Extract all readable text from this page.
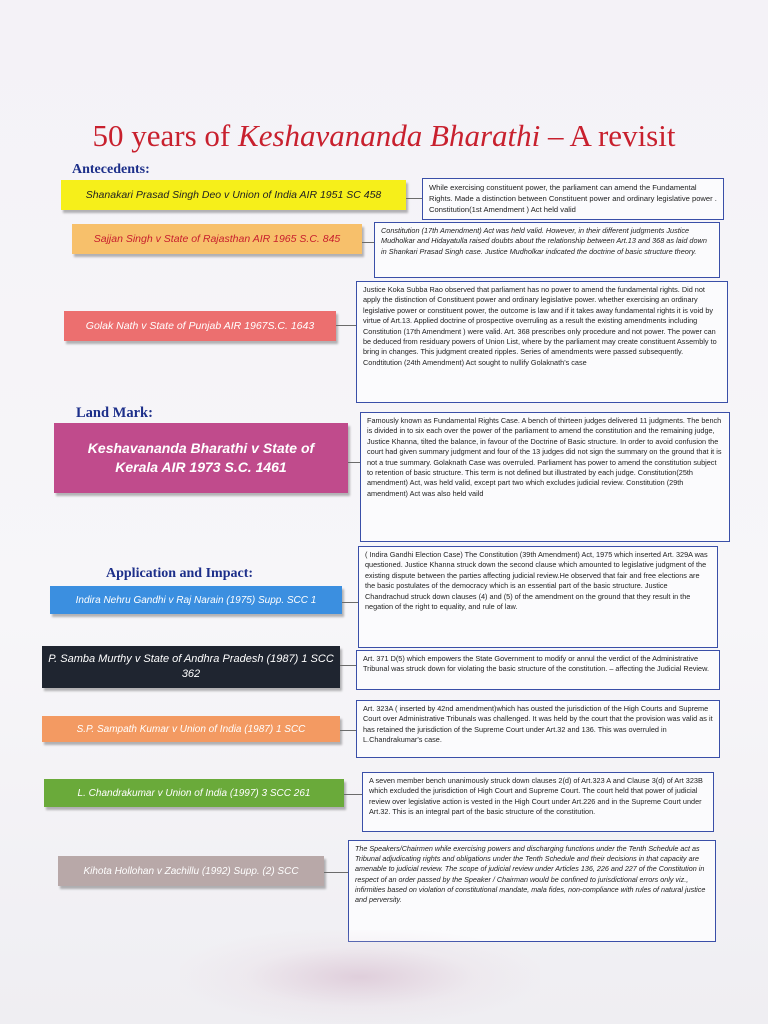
50 years of Keshavananda Bharathi – A revisit
Antecedents:
Land Mark:
Application and Impact:
Shanakari Prasad Singh Deo v Union of India AIR 1951 SC 458
While exercising constituent power, the parliament can amend the Fundamental Rights. Made a distinction between Constituent power and ordinary legislative power . Constitution(1st Amendment ) Act held valid
Sajjan Singh v State of Rajasthan AIR 1965 S.C. 845
Constitution (17th Amendment) Act was held valid. However, in their different judgments Justice Mudholkar and Hidayatulla raised doubts about the relationship between Art.13 and 368 as laid down in Shankari Prasad Singh case. Justice Mudholkar indicated the doctrine of basic structure theory.
Golak Nath v State of Punjab AIR 1967S.C. 1643
Justice Koka Subba Rao observed that parliament has no power to amend the fundamental rights. Did not apply the distinction of Constituent power and ordinary legislative power. whether exercising an ordinary legislative power or constituent power, the outcome is law and if it takes away fundamental rights it is void by virtue of Art.13. Applied doctrine of prospective overruling as a result the existing amendments including Constitution (17th Amendment ) were valid. Art. 368 prescribes only procedure and not power. The power can be deduced from residuary powers of Union List, where by the parliament may create constituent Assembly to bring in changes. This judgment created ripples. Series of amendments were passed subsequently. Condtitution (24th Amendment) Act sought to nullify Golaknath's case
Keshavananda Bharathi v State of Kerala AIR 1973 S.C. 1461
Famously known as Fundamental Rights Case. A bench of thirteen judges delivered 11 judgments. The bench is divided in to six each over the power of the parliament to amend the constitution and the remaining judge, Justice Khanna, tilted the balance, in favour of the Doctrine of Basic structure. In order to avoid confusion the court had given summary judgment and four of the 13 judges did not sign the summary on the ground that it is not a true summary. Golaknath Case was overruled. Parliament has power to amend the constitution subject to retention of basic structure. This term is not defined but illustrated by each judge. Constitution(25th amendment) Act, was held valid, except part two which excludes judicial review. Constitution (29th amendment) Act was also held vaild
Indira Nehru Gandhi v Raj Narain (1975) Supp. SCC 1
( Indira Gandhi Election Case) The Constitution (39th Amendment) Act, 1975 which inserted Art. 329A was questioned. Justice Khanna struck down the second clause which amounted to legislative judgment of the existing dispute between the parties affecting judicial review.He observed that fair and free elections are the basic postulates of the democracy which is an essential part of the basic structure. Justice Chandrachud struck down clauses (4) and (5) of the amendment on the ground that they result in the negation of the right to equality, and rule of law.
P. Samba Murthy v State of Andhra Pradesh (1987) 1 SCC 362
Art. 371 D(5) which empowers the State Government to modify or annul the verdict of the Administrative Tribunal was struck down for violating the basic structure of the constitution. – affecting the Judicial Review.
S.P. Sampath Kumar v Union of India (1987) 1 SCC
Art. 323A ( inserted by 42nd amendment)which has ousted the jurisdiction of the High Courts and Supreme Court over Administrative Tribunals was challenged. It was held by the court that the provision was valid as it has retained the jurisdiction of the Supreme Court under Art.32 and 136. This was overruled in L.Chandrakumar's case.
L. Chandrakumar v Union of India (1997) 3 SCC 261
A seven member bench unanimously struck down clauses 2(d) of Art.323 A and Clause 3(d) of Art 323B which excluded the jurisdiction of High Court and Supreme Court. The court held that power of judicial review over legislative action is vested in the High Court under Art.226 and in the Supreme Court under Art.32. This is an integral part of the basic structure of the constitution.
Kihota Hollohan v Zachillu (1992) Supp. (2) SCC
The Speakers/Chairmen while exercising powers and discharging functions under the Tenth Schedule act as Tribunal adjudicating rights and obligations under the Tenth Schedule and their decisions in that capacity are amenable to judicial review. The scope of judicial review under Articles 136, 226 and 227 of the Constitution in respect of an order passed by the Speaker / Chairman would be confined to jurisdictional errors only viz., infirmities based on violation of constitutional mandate, mala fides, non-compliance with rules of natural justice and perversity.
